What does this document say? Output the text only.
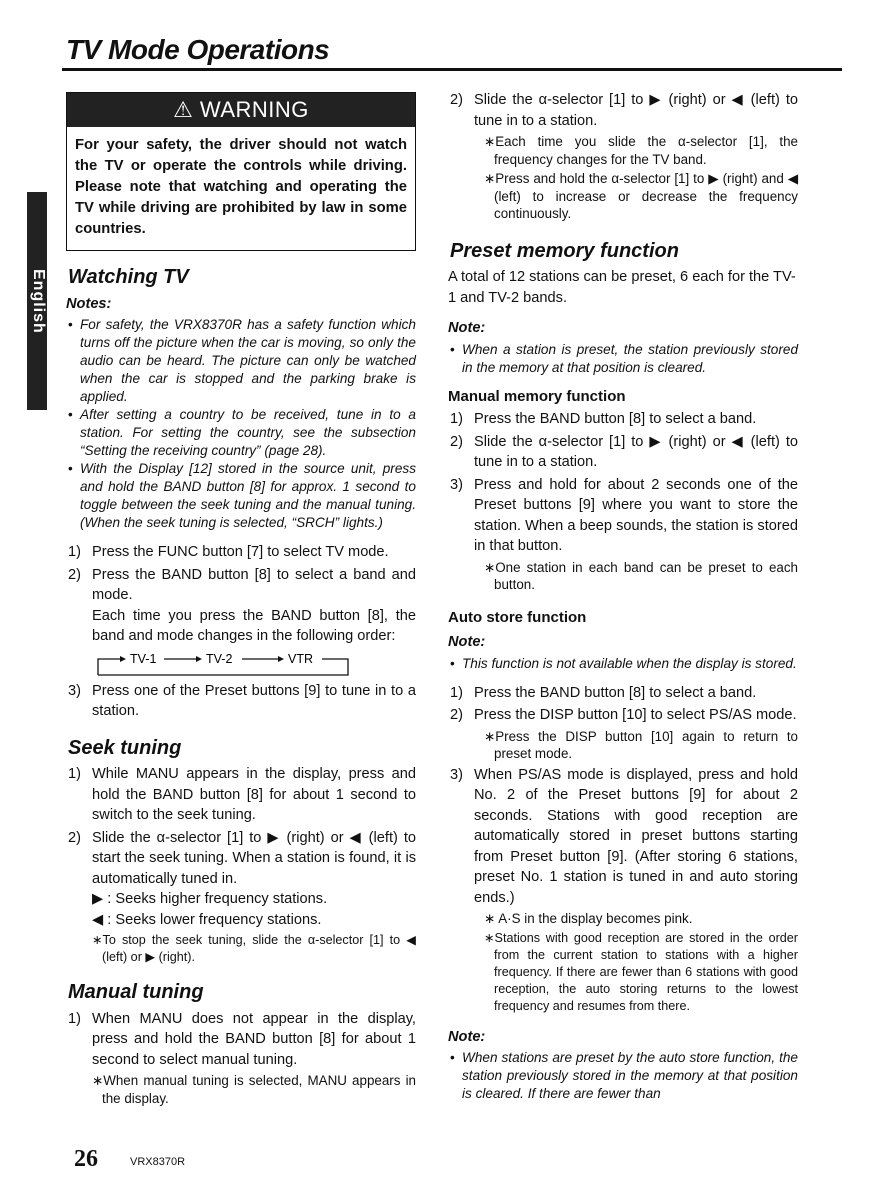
TV Mode Operations
English
⚠ WARNING
For your safety, the driver should not watch the TV or operate the controls while driving. Please note that watching and operating the TV while driving are prohibited by law in some countries.
Watching TV
Notes:
• For safety, the VRX8370R has a safety function which turns off the picture when the car is moving, so only the audio can be heard. The picture can only be watched when the car is stopped and the parking brake is applied.
• After setting a country to be received, tune in to a station. For setting the country, see the subsection “Setting the receiving country” (page 28).
• With the Display [12] stored in the source unit, press and hold the BAND button [8] for approx. 1 second to toggle between the seek tuning and the manual tuning. (When the seek tuning is selected, “SRCH” lights.)
1) Press the FUNC button [7] to select TV mode.
2) Press the BAND button [8] to select a band and mode.
Each time you press the BAND button [8], the band and mode changes in the following order:
TV-1	TV-2	VTR
3) Press one of the Preset buttons [9] to tune in to a station.
Seek tuning
1) While MANU appears in the display, press and hold the BAND button [8] for about 1 second to switch to the seek tuning.
2) Slide the α-selector [1] to ▶ (right) or ◀ (left) to start the seek tuning. When a station is found, it is automatically tuned in.
▶ : Seeks higher frequency stations.
◀ : Seeks lower frequency stations.
∗To stop the seek tuning, slide the α-selector [1] to ◀ (left) or ▶ (right).
Manual tuning
1) When MANU does not appear in the display, press and hold the BAND button [8] for about 1 second to select manual tuning.
∗When manual tuning is selected, MANU appears in the display.
2) Slide the α-selector [1] to ▶ (right) or ◀ (left) to tune in to a station.
∗Each time you slide the α-selector [1], the frequency changes for the TV band.
∗Press and hold the α-selector [1] to ▶ (right) and ◀ (left) to increase or decrease the frequency continuously.
Preset memory function
A total of 12 stations can be preset, 6 each for the TV-1 and TV-2 bands.
Note:
• When a station is preset, the station previously stored in the memory at that position is cleared.
Manual memory function
1) Press the BAND button [8] to select a band.
2) Slide the α-selector [1] to ▶ (right) or ◀ (left) to tune in to a station.
3) Press and hold for about 2 seconds one of the Preset buttons [9] where you want to store the station. When a beep sounds, the station is stored in that button.
∗One station in each band can be preset to each button.
Auto store function
Note:
• This function is not available when the display is stored.
1) Press the BAND button [8] to select a band.
2) Press the DISP button [10] to select PS/AS mode.
∗Press the DISP button [10] again to return to preset mode.
3) When PS/AS mode is displayed, press and hold No. 2 of the Preset buttons [9] for about 2 seconds. Stations with good reception are automatically stored in preset buttons starting from Preset button [9]. (After storing 6 stations, preset No. 1 station is tuned in and auto storing ends.)
∗ A·S in the display becomes pink.
∗Stations with good reception are stored in the order from the current station to stations with a higher frequency. If there are fewer than 6 stations with good reception, the auto storing returns to the lowest frequency and resumes from there.
Note:
• When stations are preset by the auto store function, the station previously stored in the memory at that position is cleared. If there are fewer than
26	VRX8370R
